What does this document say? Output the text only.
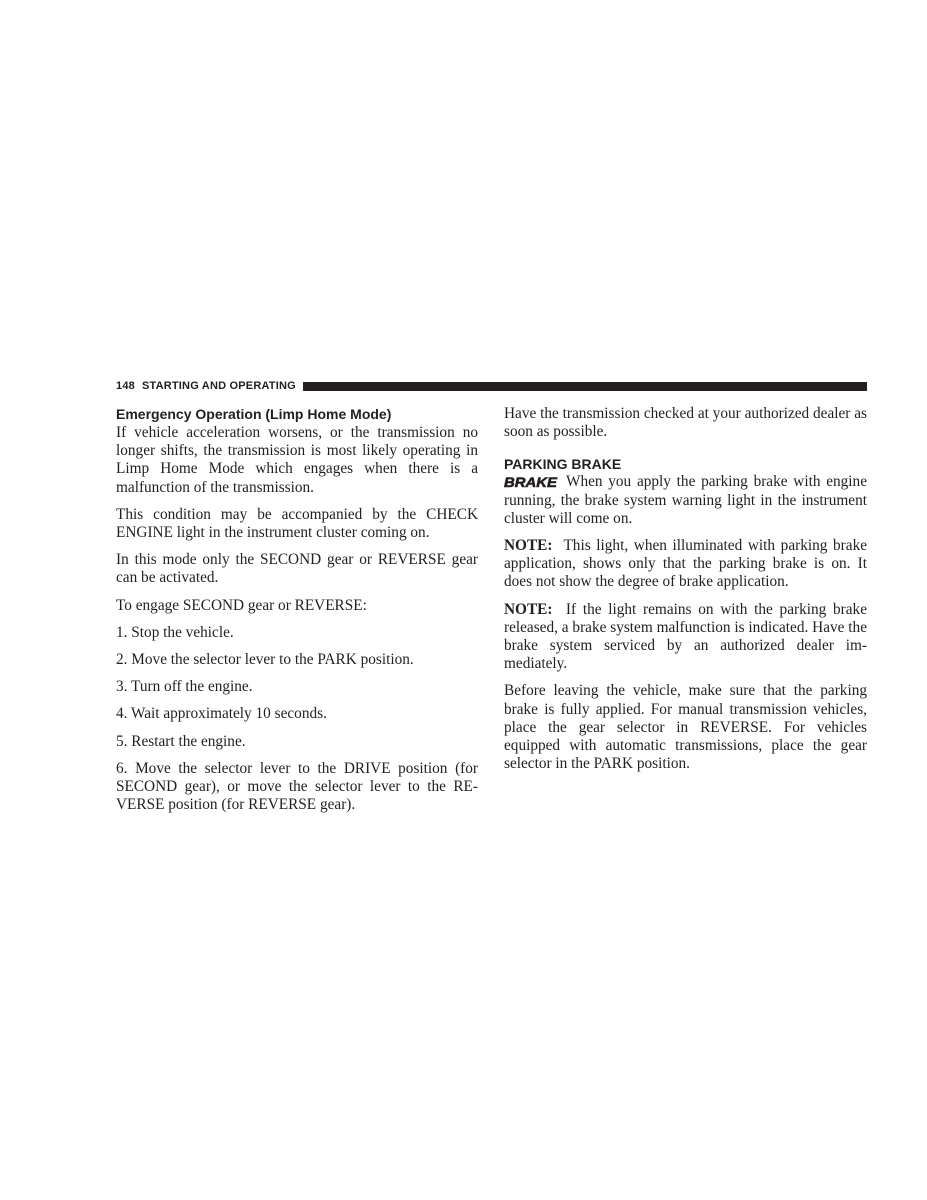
148 STARTING AND OPERATING
Emergency Operation (Limp Home Mode)

If vehicle acceleration worsens, or the transmission no longer shifts, the transmission is most likely operating in Limp Home Mode which engages when there is a malfunction of the transmission.

This condition may be accompanied by the CHECK ENGINE light in the instrument cluster coming on.

In this mode only the SECOND gear or REVERSE gear can be activated.

To engage SECOND gear or REVERSE:

1. Stop the vehicle.

2. Move the selector lever to the PARK position.

3. Turn off the engine.

4. Wait approximately 10 seconds.

5. Restart the engine.

6. Move the selector lever to the DRIVE position (for SECOND gear), or move the selector lever to the RE-VERSE position (for REVERSE gear).

Have the transmission checked at your authorized dealer as soon as possible.

PARKING BRAKE

BRAKE When you apply the parking brake with engine running, the brake system warning light in the instrument cluster will come on.

NOTE: This light, when illuminated with parking brake application, shows only that the parking brake is on. It does not show the degree of brake application.

NOTE: If the light remains on with the parking brake released, a brake system malfunction is indicated. Have the brake system serviced by an authorized dealer im-mediately.

Before leaving the vehicle, make sure that the parking brake is fully applied. For manual transmission vehicles, place the gear selector in REVERSE. For vehicles equipped with automatic transmissions, place the gear selector in the PARK position.
